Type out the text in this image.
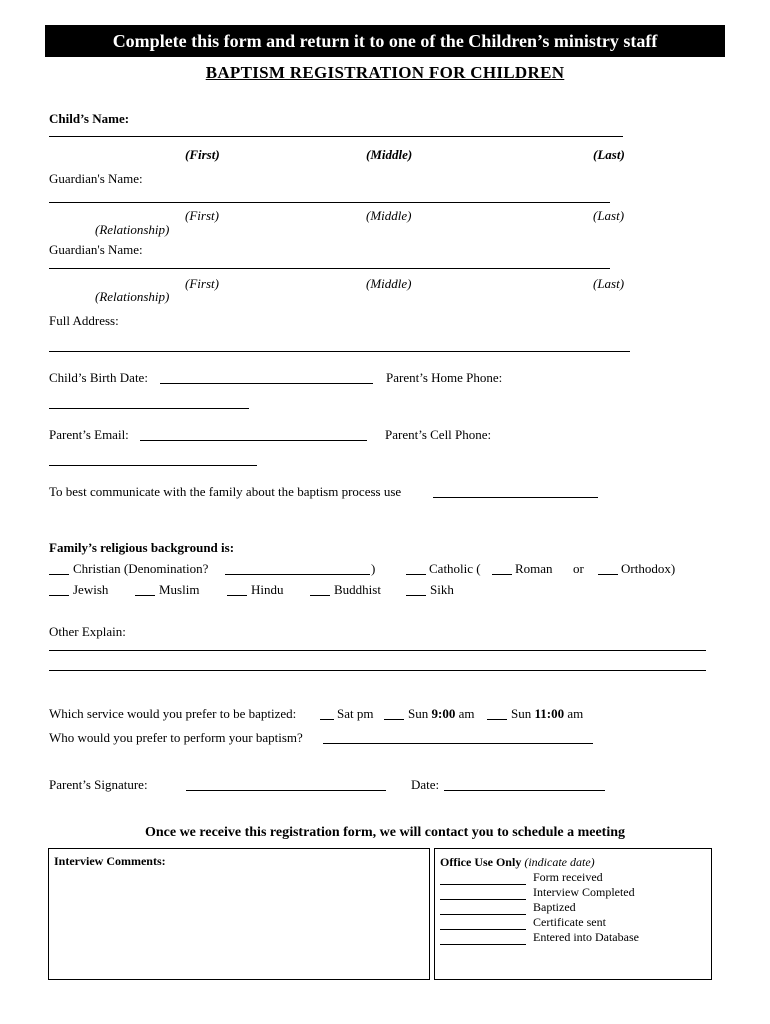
Complete this form and return it to one of the Children’s ministry staff
BAPTISM REGISTRATION FOR CHILDREN
Child’s Name:
(First)	(Middle)	(Last)
Guardian's Name:
(First)	(Middle)	(Last)
(Relationship)
Guardian's Name:
(First)	(Middle)	(Last)
(Relationship)
Full Address:
Child’s Birth Date:	Parent’s Home Phone:
Parent’s Email:	Parent’s Cell Phone:
To best communicate with the family about the baptism process use
Family’s religious background is:
Christian (Denomination?	)	Catholic (	Roman or	Orthodox)
Jewish	Muslim	Hindu	Buddhist	Sikh
Other Explain:
Which service would you prefer to be baptized:	Sat pm	Sun 9:00 am	Sun 11:00 am
Who would you prefer to perform your baptism?
Parent’s Signature:	Date:
Once we receive this registration form, we will contact you to schedule a meeting
Interview Comments:	Office Use Only (indicate date)
Form received
Interview Completed
Baptized
Certificate sent
Entered into Database
